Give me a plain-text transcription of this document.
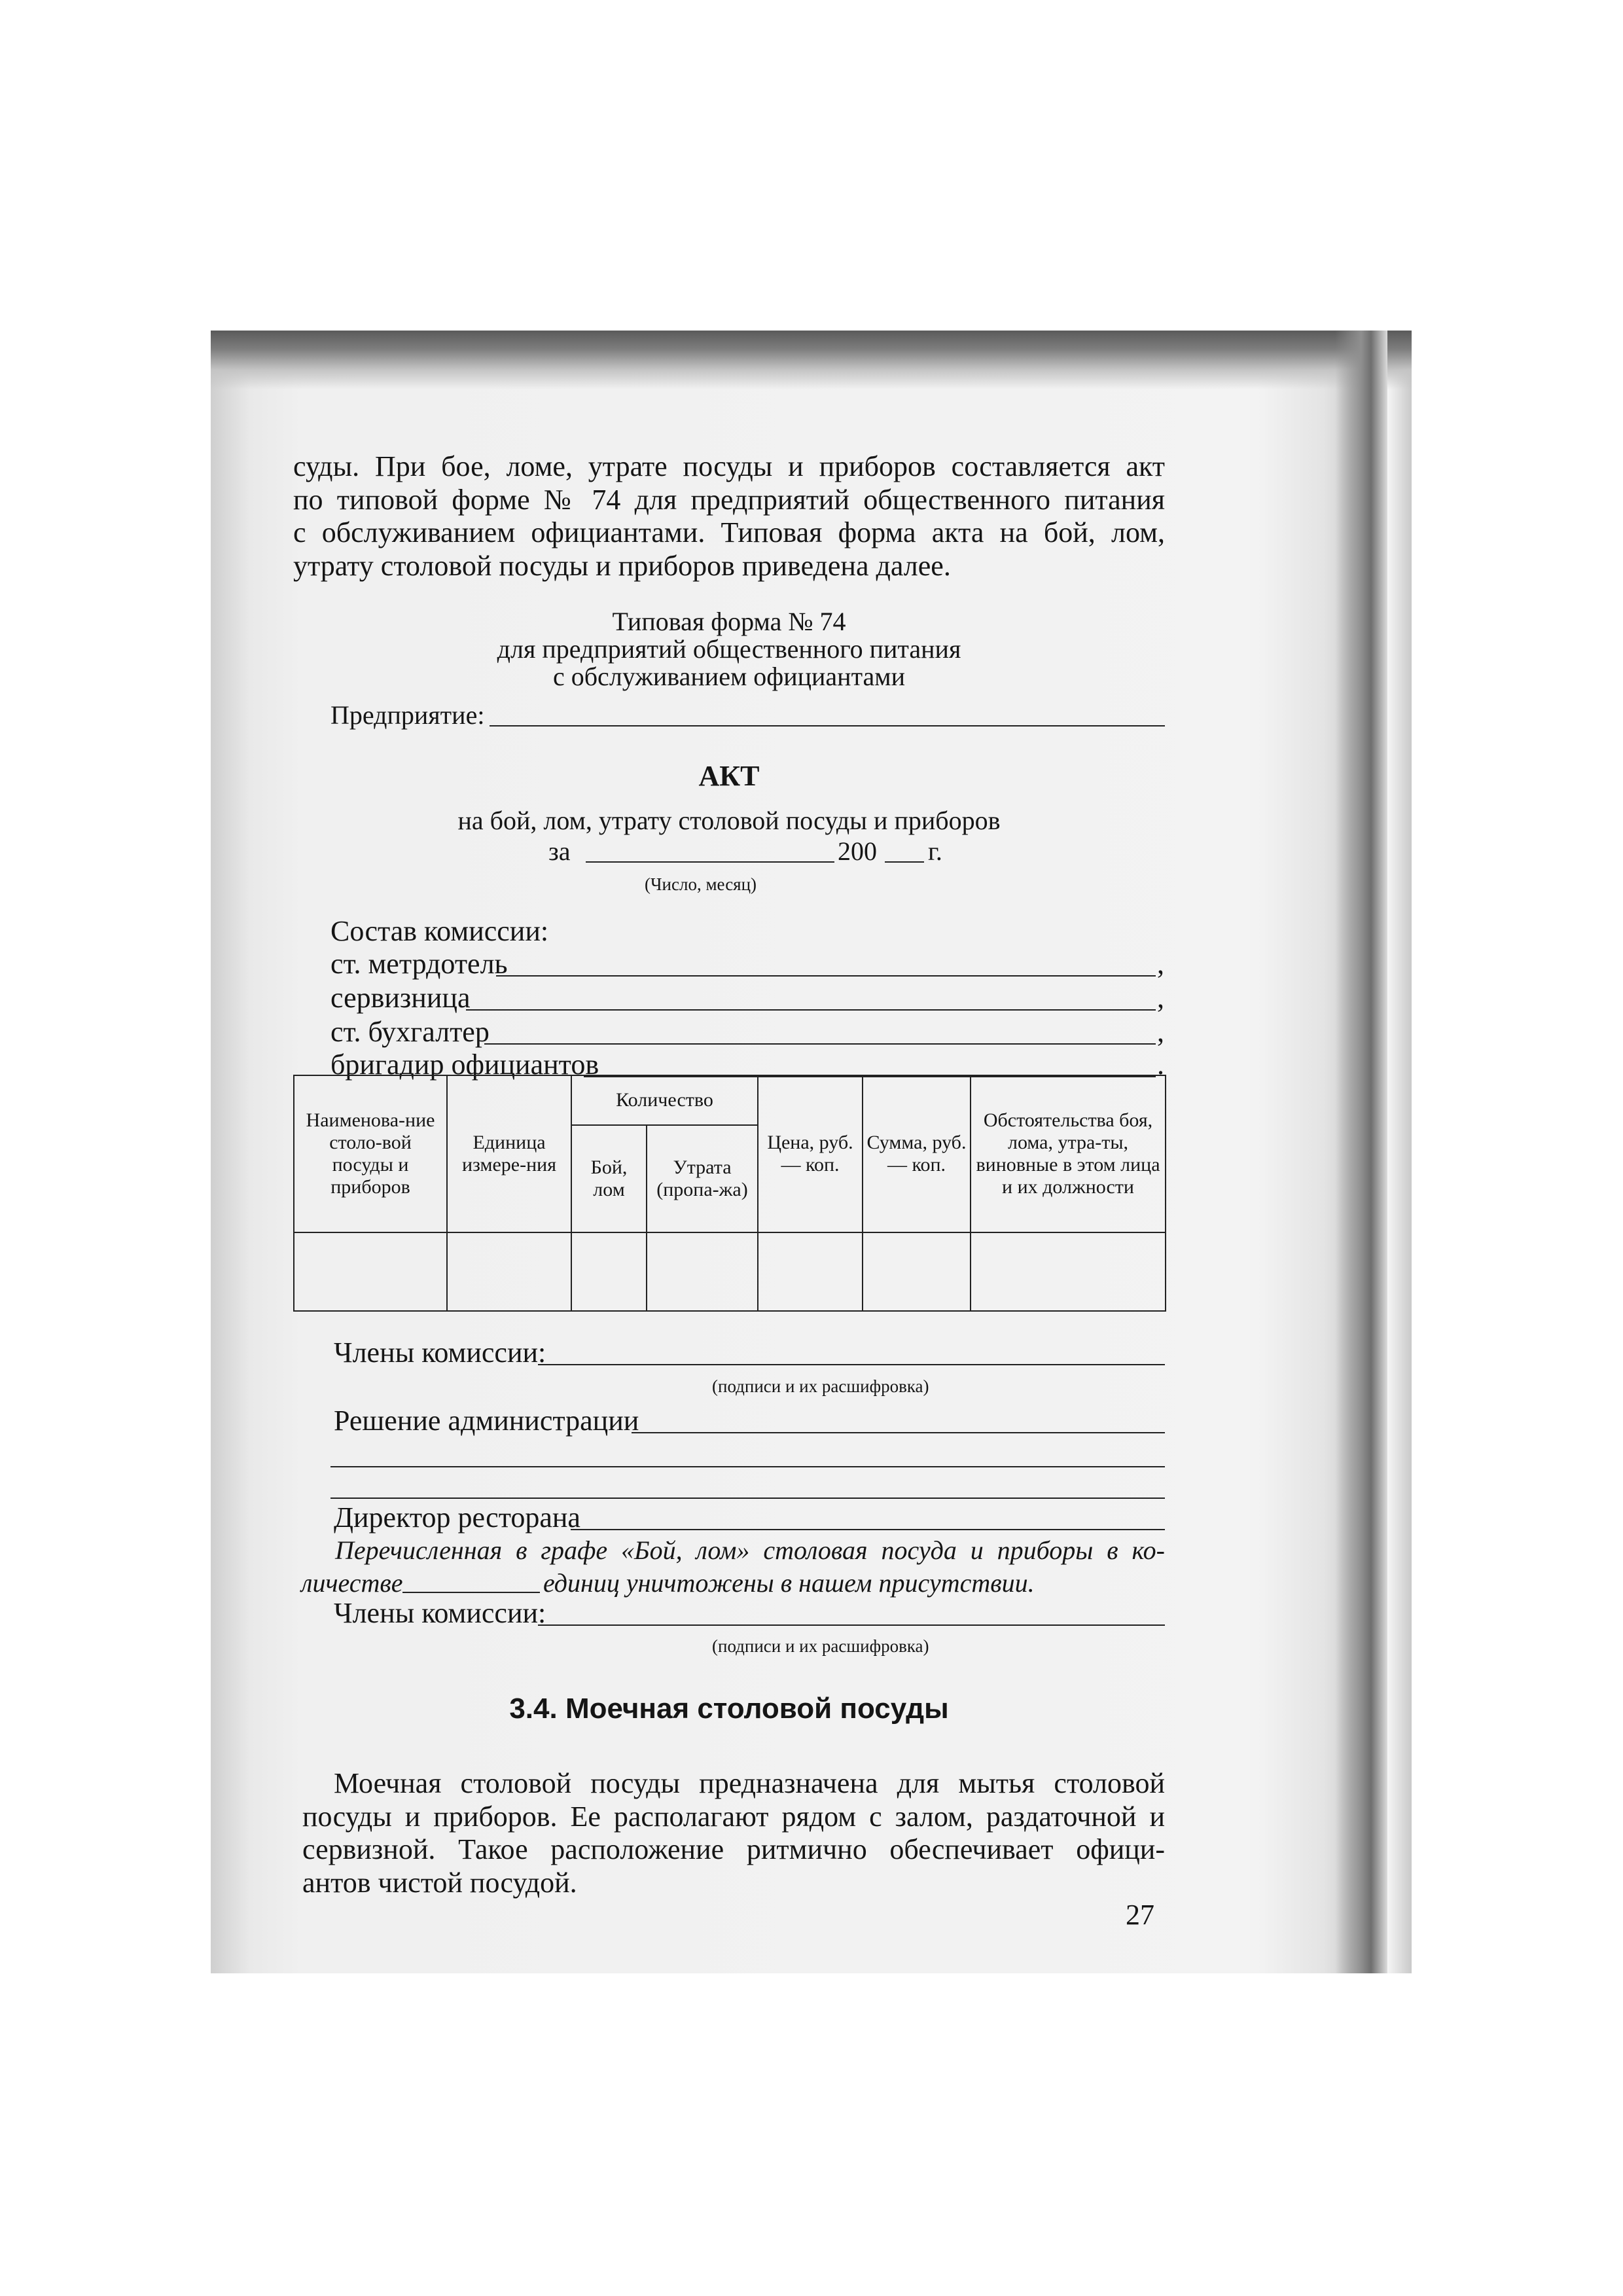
суды. При бое, ломе, утрате посуды и приборов составляется акт
по типовой форме № 74 для предприятий общественного питания
с обслуживанием официантами. Типовая форма акта на бой, лом,
утрату столовой посуды и приборов приведена далее.
Типовая форма № 74
для предприятий общественного питания
с обслуживанием официантами
Предприятие:
АКТ
на бой, лом, утрату столовой посуды и приборов
за	200 г.
(Число, месяц)
Состав комиссии:
ст. метрдотель	,
сервизница	,
ст. бухгалтер	,
бригадир официантов	.
Наименова-ние столо-вой посуды и приборов	Единица измере-ния	Количество		Цена, руб. — коп.	Сумма, руб. — коп.	Обстоятельства боя, лома, утра-ты, виновные в этом лица и их должности
		Бой, лом	Утрата (пропа-жа)			

Члены комиссии:
(подписи и их расшифровка)
Решение администрации
Директор ресторана
Перечисленная в графе «Бой, лом» столовая посуда и приборы в ко-
личестве	единиц уничтожены в нашем присутствии.
Члены комиссии:
(подписи и их расшифровка)
3.4. Моечная столовой посуды
Моечная столовой посуды предназначена для мытья столовой
посуды и приборов. Ее располагают рядом с залом, раздаточной и
сервизной. Такое расположение ритмично обеспечивает офици-
антов чистой посудой.
27
